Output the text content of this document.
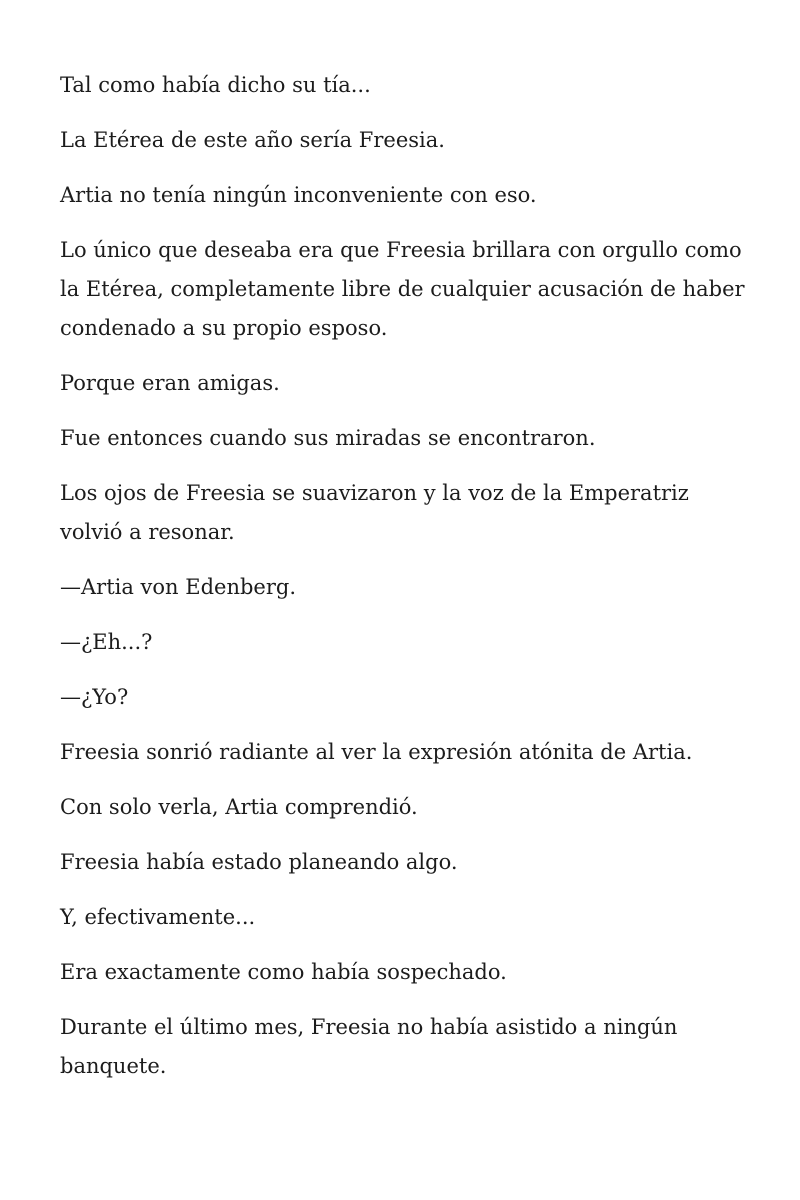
Tal como había dicho su tía...

La Etérea de este año sería Freesia.

Artia no tenía ningún inconveniente con eso.

Lo único que deseaba era que Freesia brillara con orgullo como la Etérea, completamente libre de cualquier acusación de haber condenado a su propio esposo.

Porque eran amigas.

Fue entonces cuando sus miradas se encontraron.

Los ojos de Freesia se suavizaron y la voz de la Emperatriz volvió a resonar.

—Artia von Edenberg.

—¿Eh...?

—¿Yo?

Freesia sonrió radiante al ver la expresión atónita de Artia.

Con solo verla, Artia comprendió.

Freesia había estado planeando algo.

Y, efectivamente...

Era exactamente como había sospechado.

Durante el último mes, Freesia no había asistido a ningún banquete.
